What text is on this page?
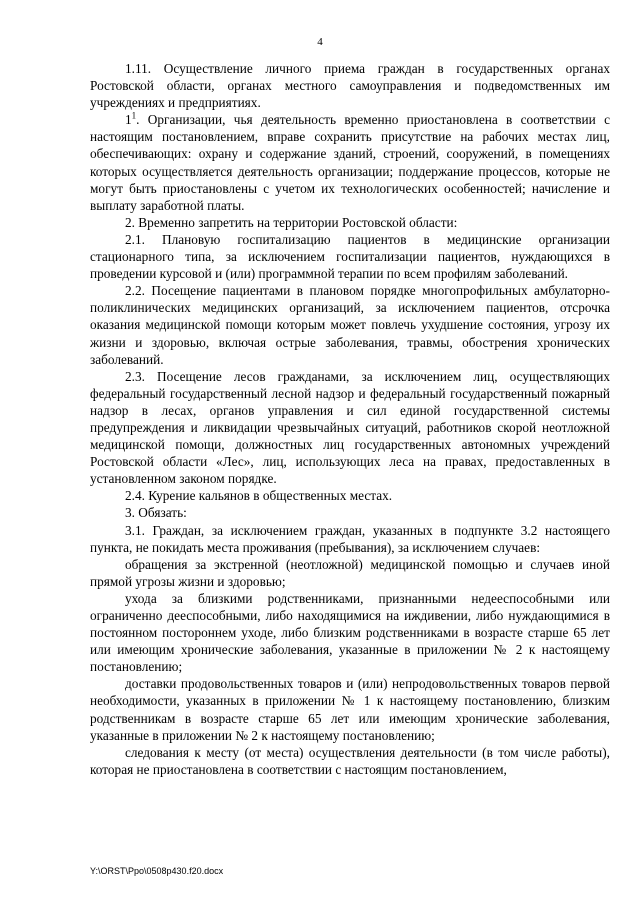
4

1.11. Осуществление личного приема граждан в государственных органах Ростовской области, органах местного самоуправления и подведомственных им учреждениях и предприятиях.

$1^1$. Организации, чья деятельность временно приостановлена в соответствии с настоящим постановлением, вправе сохранить присутствие на рабочих местах лиц, обеспечивающих: охрану и содержание зданий, строений, сооружений, в помещениях которых осуществляется деятельность организации; поддержание процессов, которые не могут быть приостановлены с учетом их технологических особенностей; начисление и выплату заработной платы.

2. Временно запретить на территории Ростовской области:

2.1. Плановую госпитализацию пациентов в медицинские организации стационарного типа, за исключением госпитализации пациентов, нуждающихся в проведении курсовой и (или) программной терапии по всем профилям заболеваний.

2.2. Посещение пациентами в плановом порядке многопрофильных амбулаторно-поликлинических медицинских организаций, за исключением пациентов, отсрочка оказания медицинской помощи которым может повлечь ухудшение состояния, угрозу их жизни и здоровью, включая острые заболевания, травмы, обострения хронических заболеваний.

2.3. Посещение лесов гражданами, за исключением лиц, осуществляющих федеральный государственный лесной надзор и федеральный государственный пожарный надзор в лесах, органов управления и сил единой государственной системы предупреждения и ликвидации чрезвычайных ситуаций, работников скорой неотложной медицинской помощи, должностных лиц государственных автономных учреждений Ростовской области «Лес», лиц, использующих леса на правах, предоставленных в установленном законом порядке.

2.4. Курение кальянов в общественных местах.

3. Обязать:

3.1. Граждан, за исключением граждан, указанных в подпункте 3.2 настоящего пункта, не покидать места проживания (пребывания), за исключением случаев:

обращения за экстренной (неотложной) медицинской помощью и случаев иной прямой угрозы жизни и здоровью;

ухода за близкими родственниками, признанными недееспособными или ограниченно дееспособными, либо находящимися на иждивении, либо нуждающимися в постоянном постороннем уходе, либо близким родственниками в возрасте старше 65 лет или имеющим хронические заболевания, указанные в приложении № 2 к настоящему постановлению;

доставки продовольственных товаров и (или) непродовольственных товаров первой необходимости, указанных в приложении № 1 к настоящему постановлению, близким родственникам в возрасте старше 65 лет или имеющим хронические заболевания, указанные в приложении № 2 к настоящему постановлению;

следования к месту (от места) осуществления деятельности (в том числе работы), которая не приостановлена в соответствии с настоящим постановлением,

Y:\ORST\Ppo\0508p430.f20.docx
